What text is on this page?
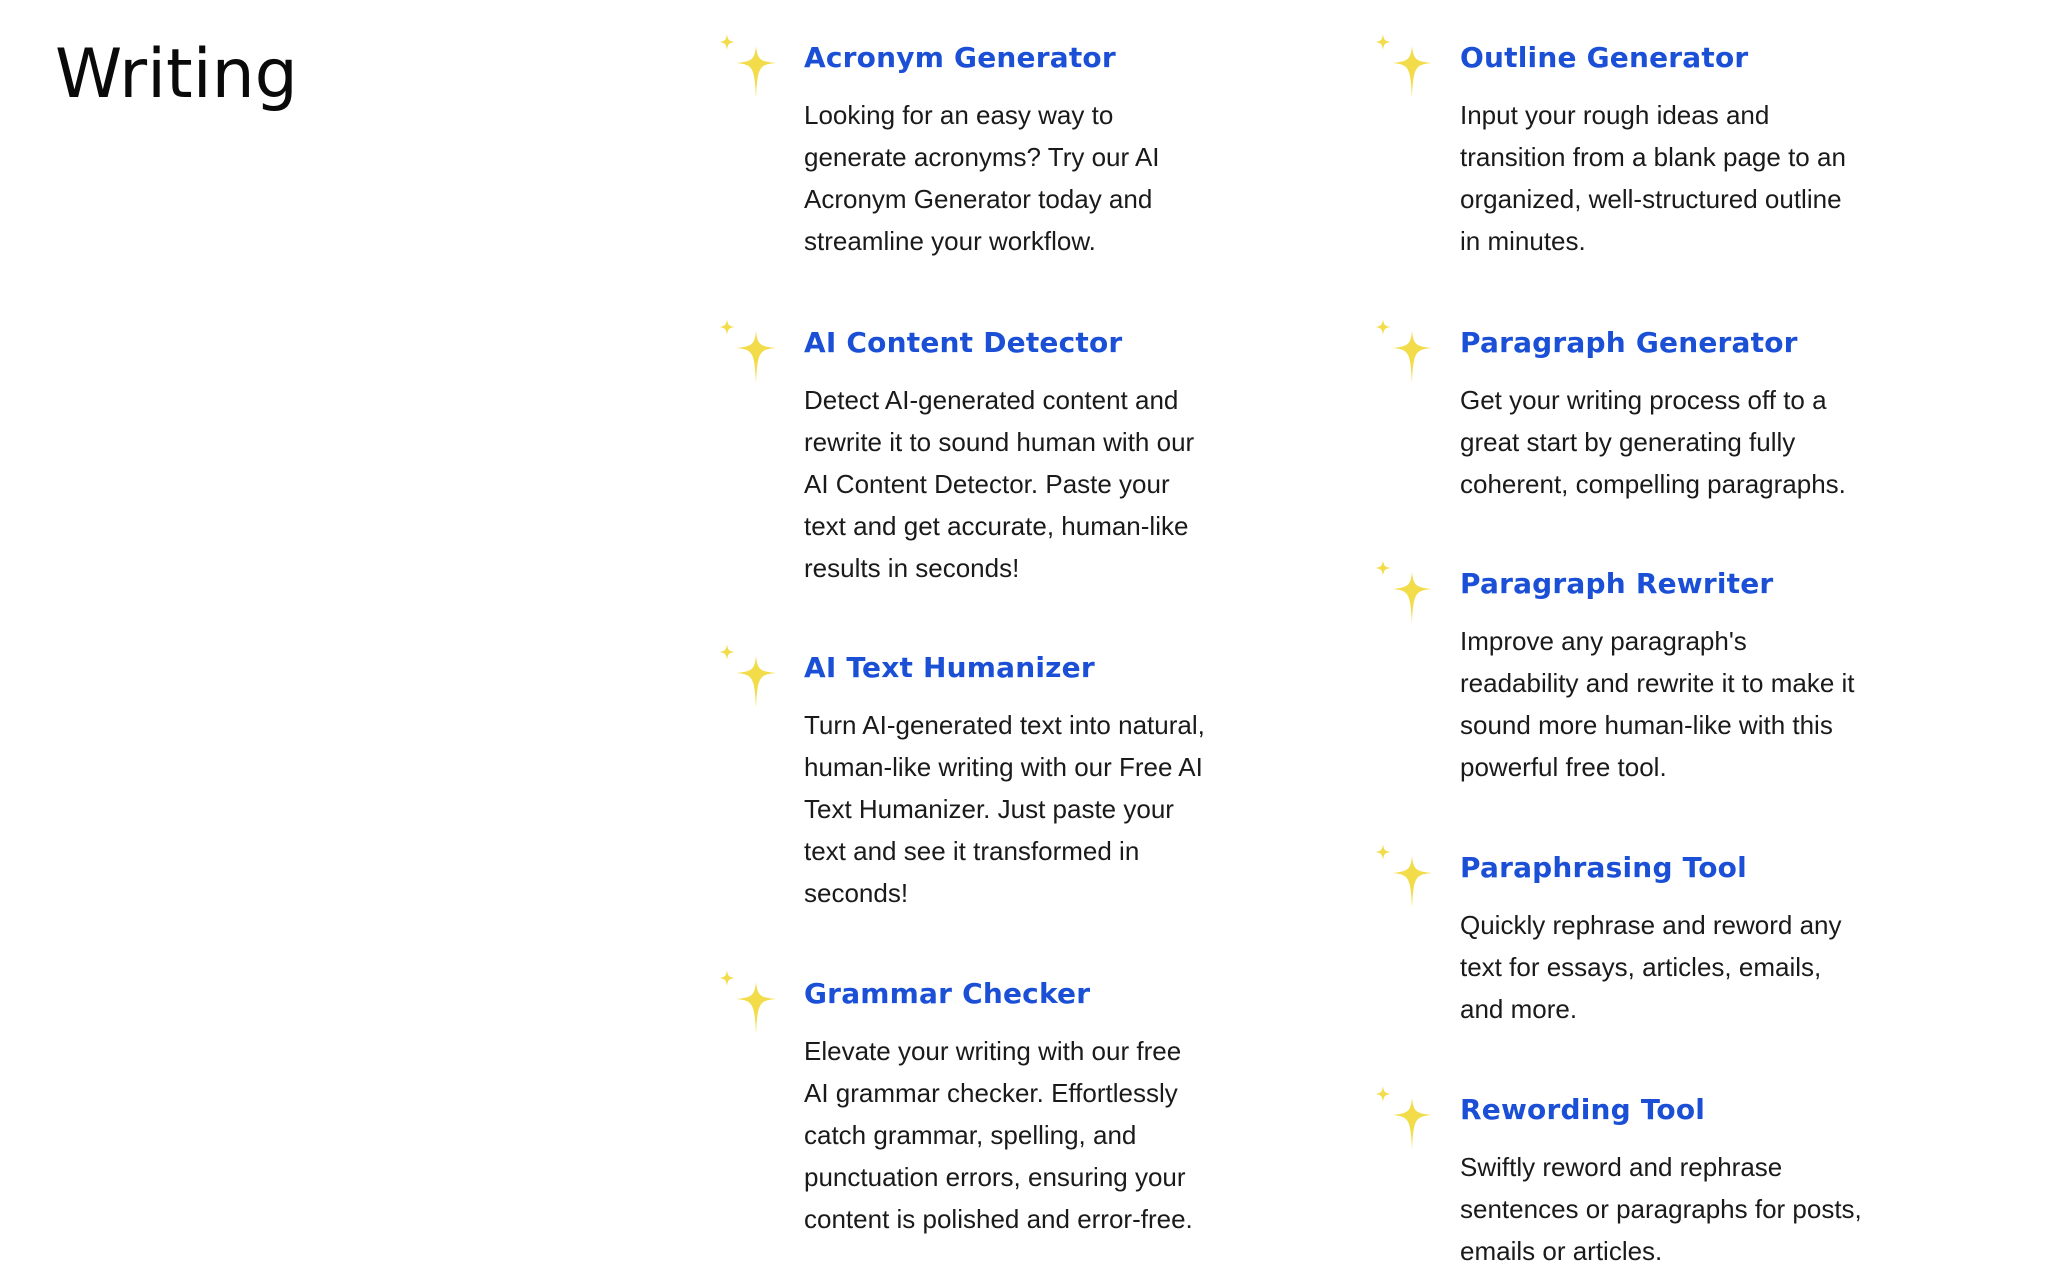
Writing	Acronym Generator

Looking for an easy way to
generate acronyms? Try our AI
Acronym Generator today and
streamline your workflow.

AI Content Detector

Detect AI-generated content and
rewrite it to sound human with our
AI Content Detector. Paste your
text and get accurate, human-like
results in seconds!

AI Text Humanizer

Turn AI-generated text into natural,
human-like writing with our Free AI
Text Humanizer. Just paste your
text and see it transformed in
seconds!

Grammar Checker

Elevate your writing with our free
AI grammar checker. Effortlessly
catch grammar, spelling, and
punctuation errors, ensuring your
content is polished and error-free.

Outline Generator

Input your rough ideas and
transition from a blank page to an
organized, well-structured outline
in minutes.

Paragraph Generator

Get your writing process off to a
great start by generating fully
coherent, compelling paragraphs.

Paragraph Rewriter

Improve any paragraph's
readability and rewrite it to make it
sound more human-like with this
powerful free tool.

Paraphrasing Tool

Quickly rephrase and reword any
text for essays, articles, emails,
and more.

Rewording Tool

Swiftly reword and rephrase
sentences or paragraphs for posts,
emails or articles.
